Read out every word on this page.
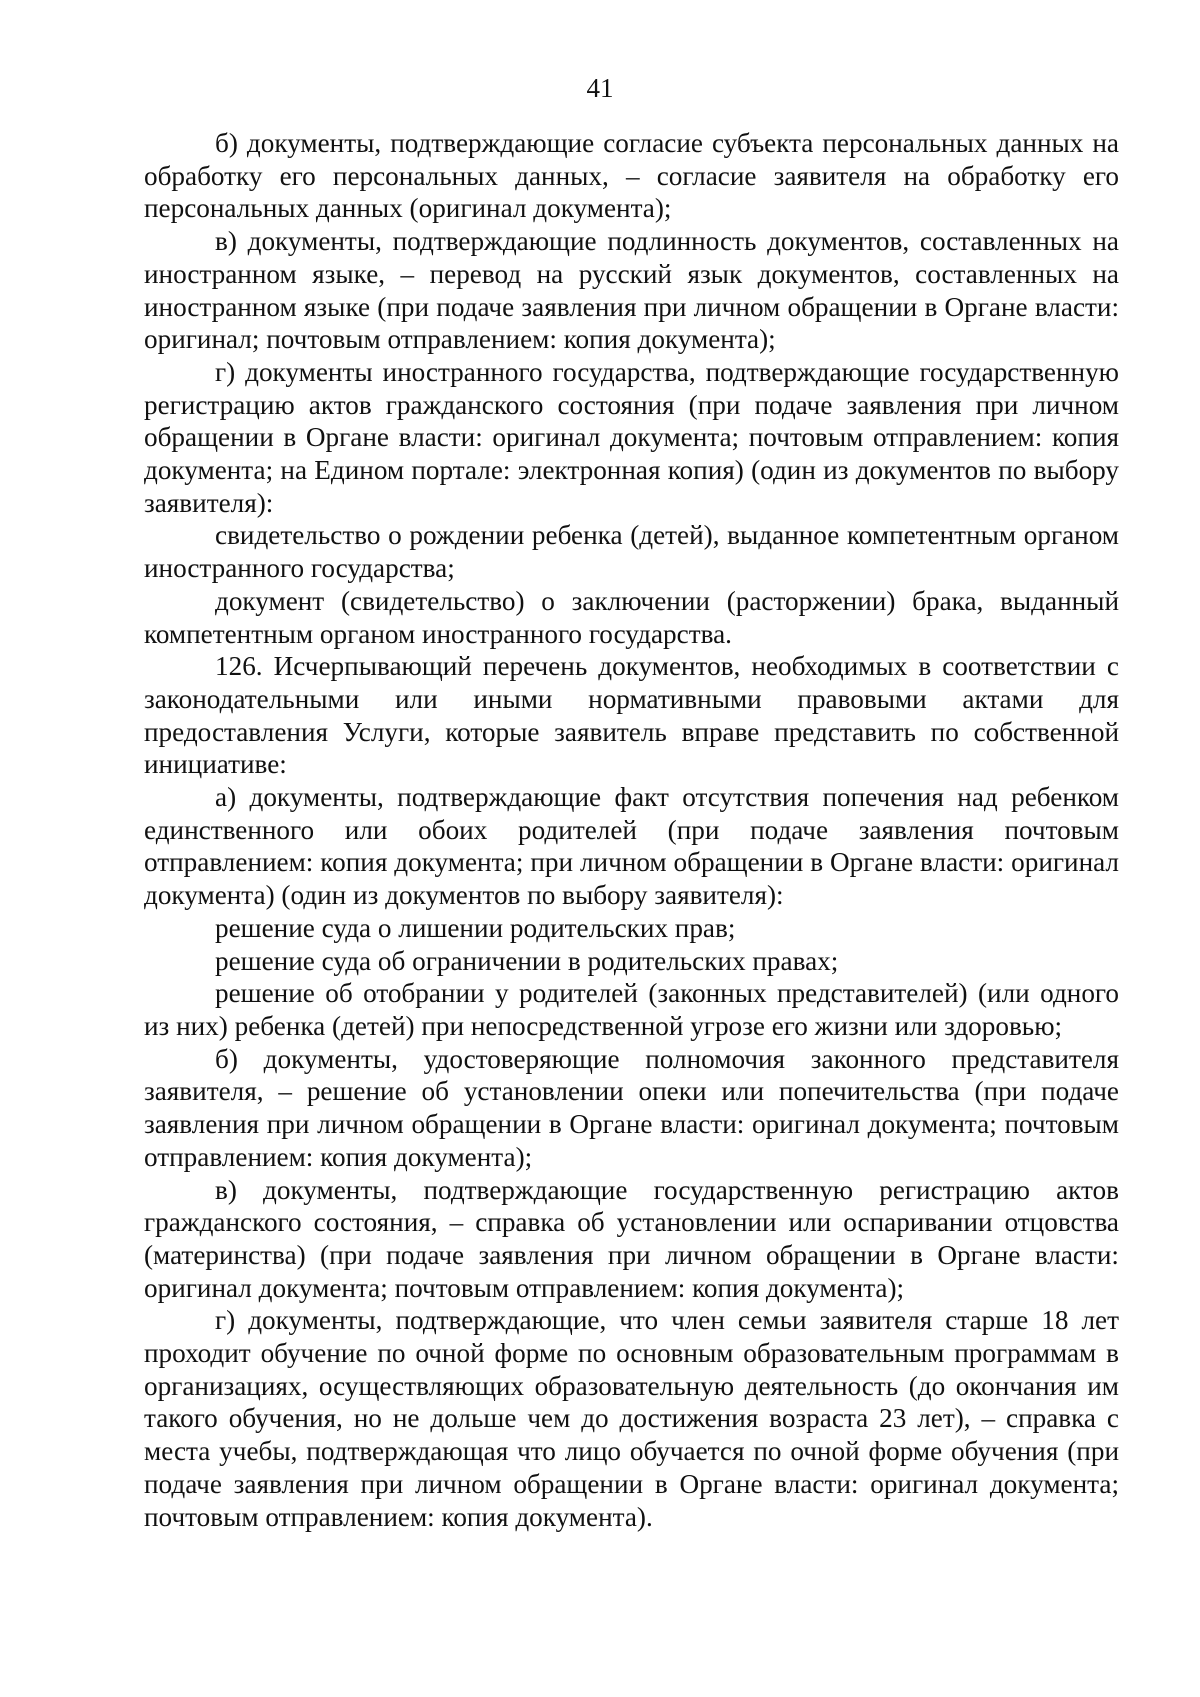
41

б) документы, подтверждающие согласие субъекта персональных данных на обработку его персональных данных, – согласие заявителя на обработку его персональных данных (оригинал документа);

в) документы, подтверждающие подлинность документов, составленных на иностранном языке, – перевод на русский язык документов, составленных на иностранном языке (при подаче заявления при личном обращении в Органе власти: оригинал; почтовым отправлением: копия документа);

г) документы иностранного государства, подтверждающие государственную регистрацию актов гражданского состояния (при подаче заявления при личном обращении в Органе власти: оригинал документа; почтовым отправлением: копия документа; на Едином портале: электронная копия) (один из документов по выбору заявителя):

свидетельство о рождении ребенка (детей), выданное компетентным органом иностранного государства;

документ (свидетельство) о заключении (расторжении) брака, выданный компетентным органом иностранного государства.

126. Исчерпывающий перечень документов, необходимых в соответствии с законодательными или иными нормативными правовыми актами для предоставления Услуги, которые заявитель вправе представить по собственной инициативе:

а) документы, подтверждающие факт отсутствия попечения над ребенком единственного или обоих родителей (при подаче заявления почтовым отправлением: копия документа; при личном обращении в Органе власти: оригинал документа) (один из документов по выбору заявителя):

решение суда о лишении родительских прав;

решение суда об ограничении в родительских правах;

решение об отобрании у родителей (законных представителей) (или одного из них) ребенка (детей) при непосредственной угрозе его жизни или здоровью;

б) документы, удостоверяющие полномочия законного представителя заявителя, – решение об установлении опеки или попечительства (при подаче заявления при личном обращении в Органе власти: оригинал документа; почтовым отправлением: копия документа);

в) документы, подтверждающие государственную регистрацию актов гражданского состояния, – справка об установлении или оспаривании отцовства (материнства) (при подаче заявления при личном обращении в Органе власти: оригинал документа; почтовым отправлением: копия документа);

г) документы, подтверждающие, что член семьи заявителя старше 18 лет проходит обучение по очной форме по основным образовательным программам в организациях, осуществляющих образовательную деятельность (до окончания им такого обучения, но не дольше чем до достижения возраста 23 лет), – справка с места учебы, подтверждающая что лицо обучается по очной форме обучения (при подаче заявления при личном обращении в Органе власти: оригинал документа; почтовым отправлением: копия документа).
